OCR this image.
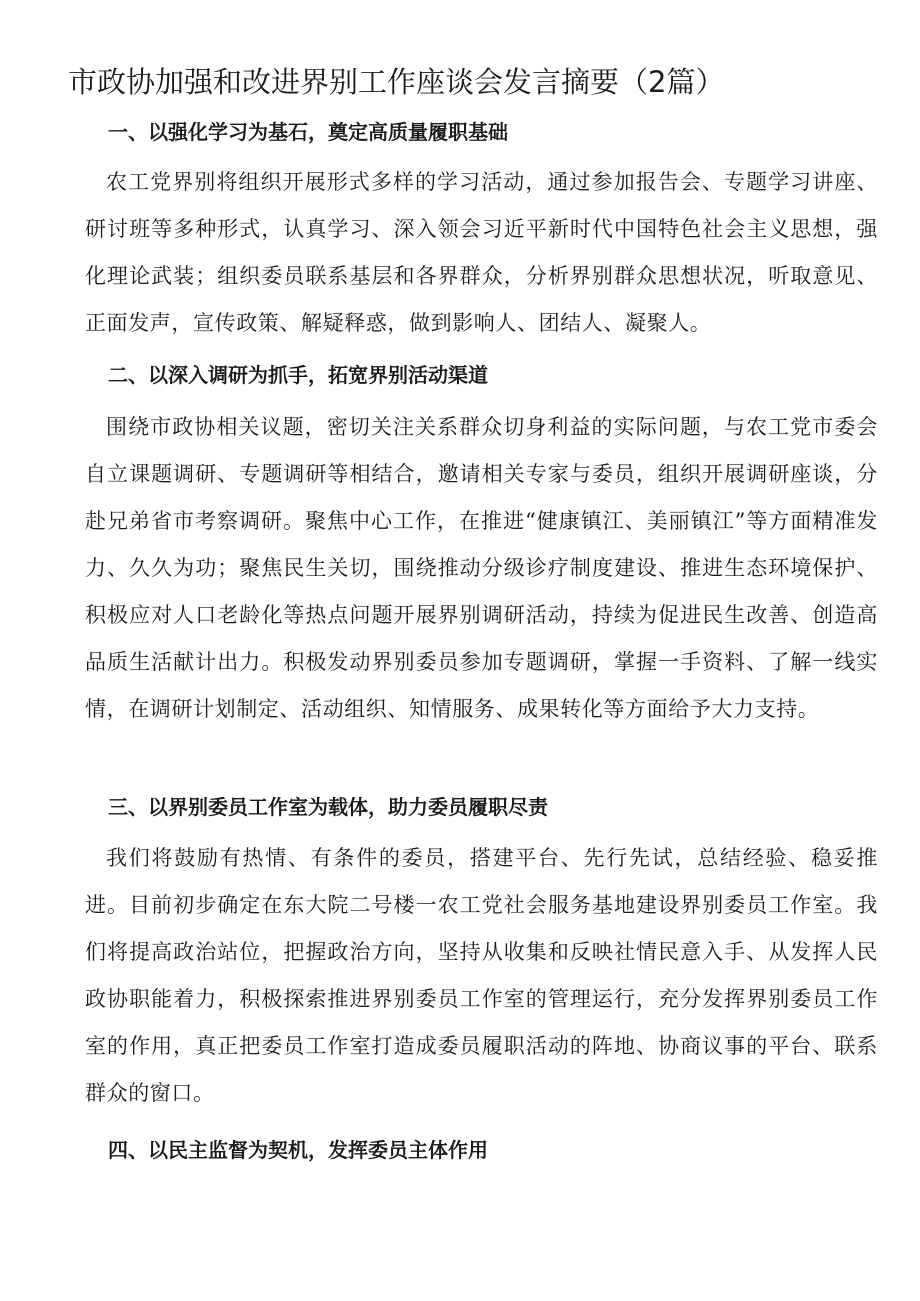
市政协加强和改进界别工作座谈会发言摘要（2篇）
一、以强化学习为基石，奠定高质量履职基础

农工党界别将组织开展形式多样的学习活动，通过参加报告会、专题学习讲座、研讨班等多种形式，认真学习、深入领会习近平新时代中国特色社会主义思想，强化理论武装；组织委员联系基层和各界群众，分析界别群众思想状况，听取意见、正面发声，宣传政策、解疑释惑，做到影响人、团结人、凝聚人。

二、以深入调研为抓手，拓宽界别活动渠道

围绕市政协相关议题，密切关注关系群众切身利益的实际问题，与农工党市委会自立课题调研、专题调研等相结合，邀请相关专家与委员，组织开展调研座谈，分赴兄弟省市考察调研。聚焦中心工作，在推进“健康镇江、美丽镇江”等方面精准发力、久久为功；聚焦民生关切，围绕推动分级诊疗制度建设、推进生态环境保护、积极应对人口老龄化等热点问题开展界别调研活动，持续为促进民生改善、创造高品质生活献计出力。积极发动界别委员参加专题调研，掌握一手资料、了解一线实情，在调研计划制定、活动组织、知情服务、成果转化等方面给予大力支持。

三、以界别委员工作室为载体，助力委员履职尽责

我们将鼓励有热情、有条件的委员，搭建平台、先行先试，总结经验、稳妥推进。目前初步确定在东大院二号楼一农工党社会服务基地建设界别委员工作室。我们将提高政治站位，把握政治方向，坚持从收集和反映社情民意入手、从发挥人民政协职能着力，积极探索推进界别委员工作室的管理运行，充分发挥界别委员工作室的作用，真正把委员工作室打造成委员履职活动的阵地、协商议事的平台、联系群众的窗口。

四、以民主监督为契机，发挥委员主体作用
